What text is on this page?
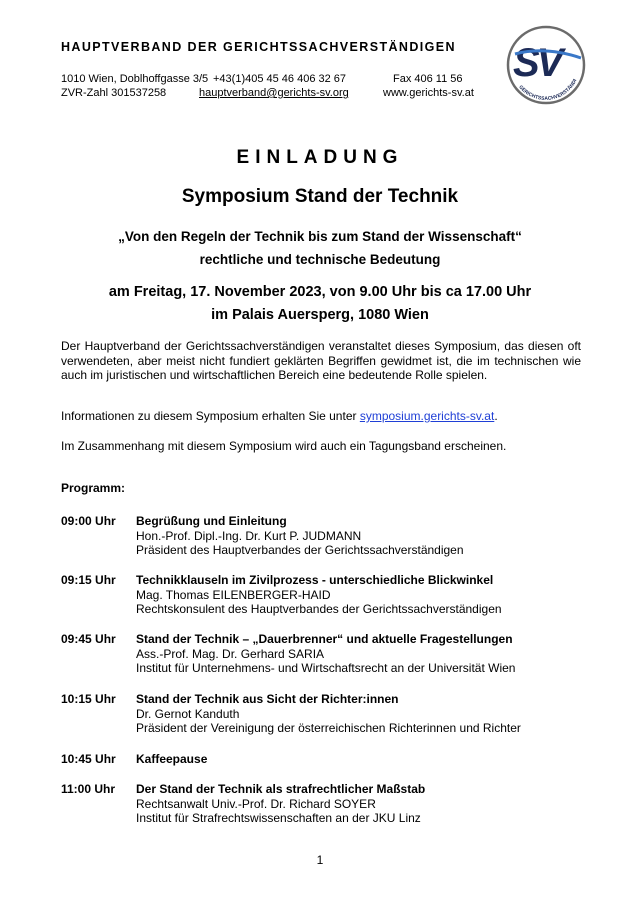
HAUPTVERBAND DER GERICHTSSACHVERSTÄNDIGEN
1010 Wien, Doblhoffgasse 3/5 +43(1)405 45 46 406 32 67	Fax 406 11 56
ZVR-Zahl 301537258	hauptverband@gerichts-sv.org	www.gerichts-sv.at
SV
GERICHTSSACHVERSTÄNDI
EINLADUNG
Symposium Stand der Technik
„Von den Regeln der Technik bis zum Stand der Wissenschaft“
rechtliche und technische Bedeutung
am Freitag, 17. November 2023, von 9.00 Uhr bis ca 17.00 Uhr
im Palais Auersperg, 1080 Wien
Der Hauptverband der Gerichtssachverständigen veranstaltet dieses Symposium, das diesen oft verwendeten, aber meist nicht fundiert geklärten Begriffen gewidmet ist, die im technischen wie auch im juristischen und wirtschaftlichen Bereich eine bedeutende Rolle spielen.
Informationen zu diesem Symposium erhalten Sie unter symposium.gerichts-sv.at.
Im Zusammenhang mit diesem Symposium wird auch ein Tagungsband erscheinen.
Programm:
09:00 Uhr	Begrüßung und Einleitung
Hon.-Prof. Dipl.-Ing. Dr. Kurt P. JUDMANN
Präsident des Hauptverbandes der Gerichtssachverständigen
09:15 Uhr	Technikklauseln im Zivilprozess - unterschiedliche Blickwinkel
Mag. Thomas EILENBERGER-HAID
Rechtskonsulent des Hauptverbandes der Gerichtssachverständigen
09:45 Uhr	Stand der Technik – „Dauerbrenner“ und aktuelle Fragestellungen
Ass.-Prof. Mag. Dr. Gerhard SARIA
Institut für Unternehmens- und Wirtschaftsrecht an der Universität Wien
10:15 Uhr	Stand der Technik aus Sicht der Richter:innen
Dr. Gernot Kanduth
Präsident der Vereinigung der österreichischen Richterinnen und Richter
10:45 Uhr	Kaffeepause
11:00 Uhr	Der Stand der Technik als strafrechtlicher Maßstab
Rechtsanwalt Univ.-Prof. Dr. Richard SOYER
Institut für Strafrechtswissenschaften an der JKU Linz
1
